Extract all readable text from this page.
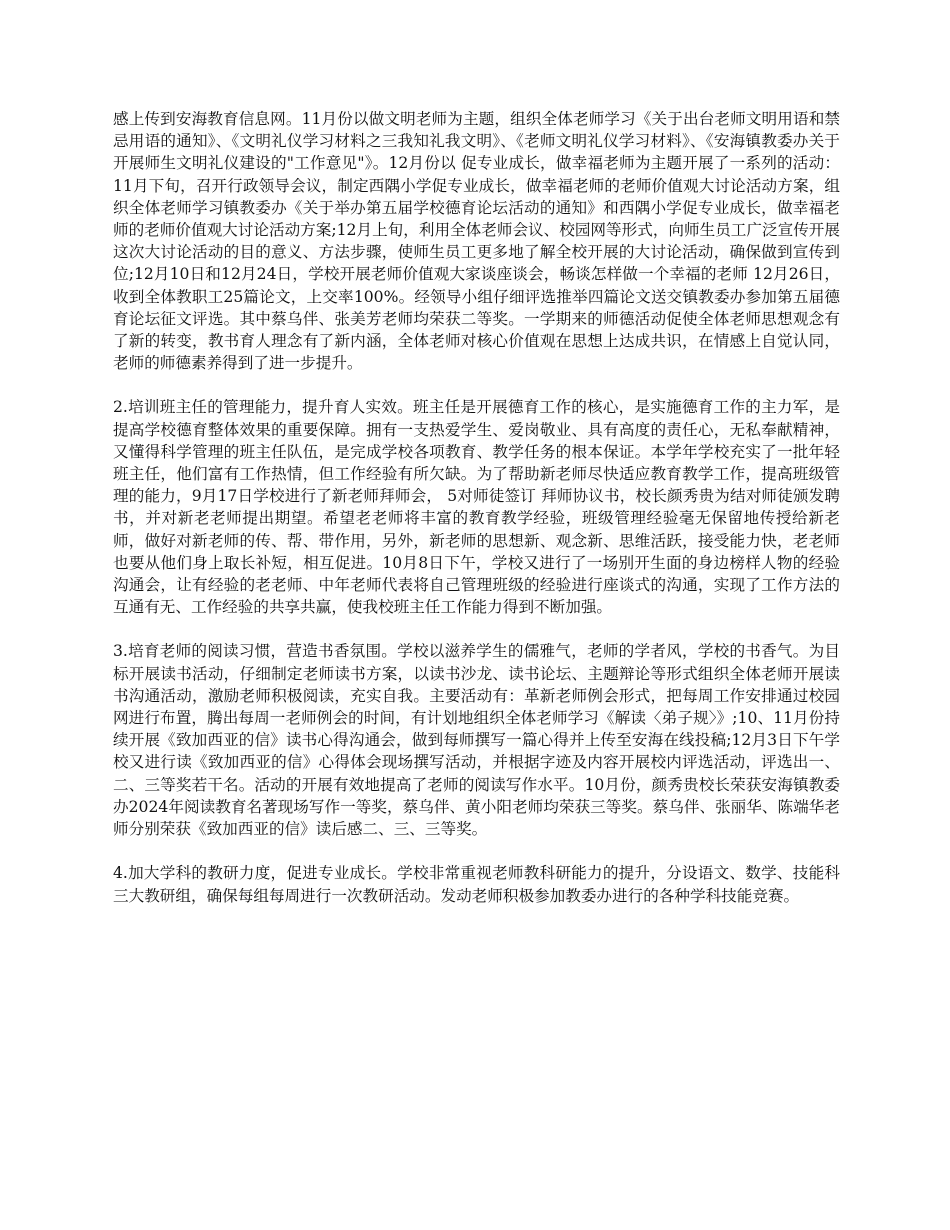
感上传到安海教育信息网。11月份以做文明老师为主题，组织全体老师学习《关于出台老师文明用语和禁忌用语的通知》、《文明礼仪学习材料之三我知礼我文明》、《老师文明礼仪学习材料》、《安海镇教委办关于开展师生文明礼仪建设的"工作意见"》。12月份以 促专业成长，做幸福老师为主题开展了一系列的活动：11月下旬，召开行政领导会议，制定西隅小学促专业成长，做幸福老师的老师价值观大讨论活动方案，组织全体老师学习镇教委办《关于举办第五届学校德育论坛活动的通知》和西隅小学促专业成长，做幸福老师的老师价值观大讨论活动方案;12月上旬，利用全体老师会议、校园网等形式，向师生员工广泛宣传开展这次大讨论活动的目的意义、方法步骤，使师生员工更多地了解全校开展的大讨论活动，确保做到宣传到位;12月10日和12月24日，学校开展老师价值观大家谈座谈会，畅谈怎样做一个幸福的老师 12月26日，收到全体教职工25篇论文，上交率100%。经领导小组仔细评选推举四篇论文送交镇教委办参加第五届德育论坛征文评选。其中蔡乌伴、张美芳老师均荣获二等奖。一学期来的师德活动促使全体老师思想观念有了新的转变，教书育人理念有了新内涵，全体老师对核心价值观在思想上达成共识，在情感上自觉认同，老师的师德素养得到了进一步提升。

2.培训班主任的管理能力，提升育人实效。班主任是开展德育工作的核心，是实施德育工作的主力军，是提高学校德育整体效果的重要保障。拥有一支热爱学生、爱岗敬业、具有高度的责任心，无私奉献精神，又懂得科学管理的班主任队伍，是完成学校各项教育、教学任务的根本保证。本学年学校充实了一批年轻班主任，他们富有工作热情，但工作经验有所欠缺。为了帮助新老师尽快适应教育教学工作，提高班级管理的能力，9月17日学校进行了新老师拜师会， 5对师徒签订 拜师协议书，校长颜秀贵为结对师徒颁发聘书，并对新老老师提出期望。希望老老师将丰富的教育教学经验，班级管理经验毫无保留地传授给新老师，做好对新老师的传、帮、带作用，另外，新老师的思想新、观念新、思维活跃，接受能力快，老老师也要从他们身上取长补短，相互促进。10月8日下午，学校又进行了一场别开生面的身边榜样人物的经验沟通会，让有经验的老老师、中年老师代表将自己管理班级的经验进行座谈式的沟通，实现了工作方法的互通有无、工作经验的共享共赢，使我校班主任工作能力得到不断加强。

3.培育老师的阅读习惯，营造书香氛围。学校以滋养学生的儒雅气，老师的学者风，学校的书香气。为目标开展读书活动，仔细制定老师读书方案，以读书沙龙、读书论坛、主题辩论等形式组织全体老师开展读书沟通活动，激励老师积极阅读，充实自我。主要活动有：革新老师例会形式，把每周工作安排通过校园网进行布置，腾出每周一老师例会的时间，有计划地组织全体老师学习《解读〈弟子规〉》;10、11月份持续开展《致加西亚的信》读书心得沟通会，做到每师撰写一篇心得并上传至安海在线投稿;12月3日下午学校又进行读《致加西亚的信》心得体会现场撰写活动，并根据字迹及内容开展校内评选活动，评选出一、二、三等奖若干名。活动的开展有效地提高了老师的阅读写作水平。10月份，颜秀贵校长荣获安海镇教委办2024年阅读教育名著现场写作一等奖，蔡乌伴、黄小阳老师均荣获三等奖。蔡乌伴、张丽华、陈端华老师分别荣获《致加西亚的信》读后感二、三、三等奖。

4.加大学科的教研力度，促进专业成长。学校非常重视老师教科研能力的提升，分设语文、数学、技能科三大教研组，确保每组每周进行一次教研活动。发动老师积极参加教委办进行的各种学科技能竞赛。
